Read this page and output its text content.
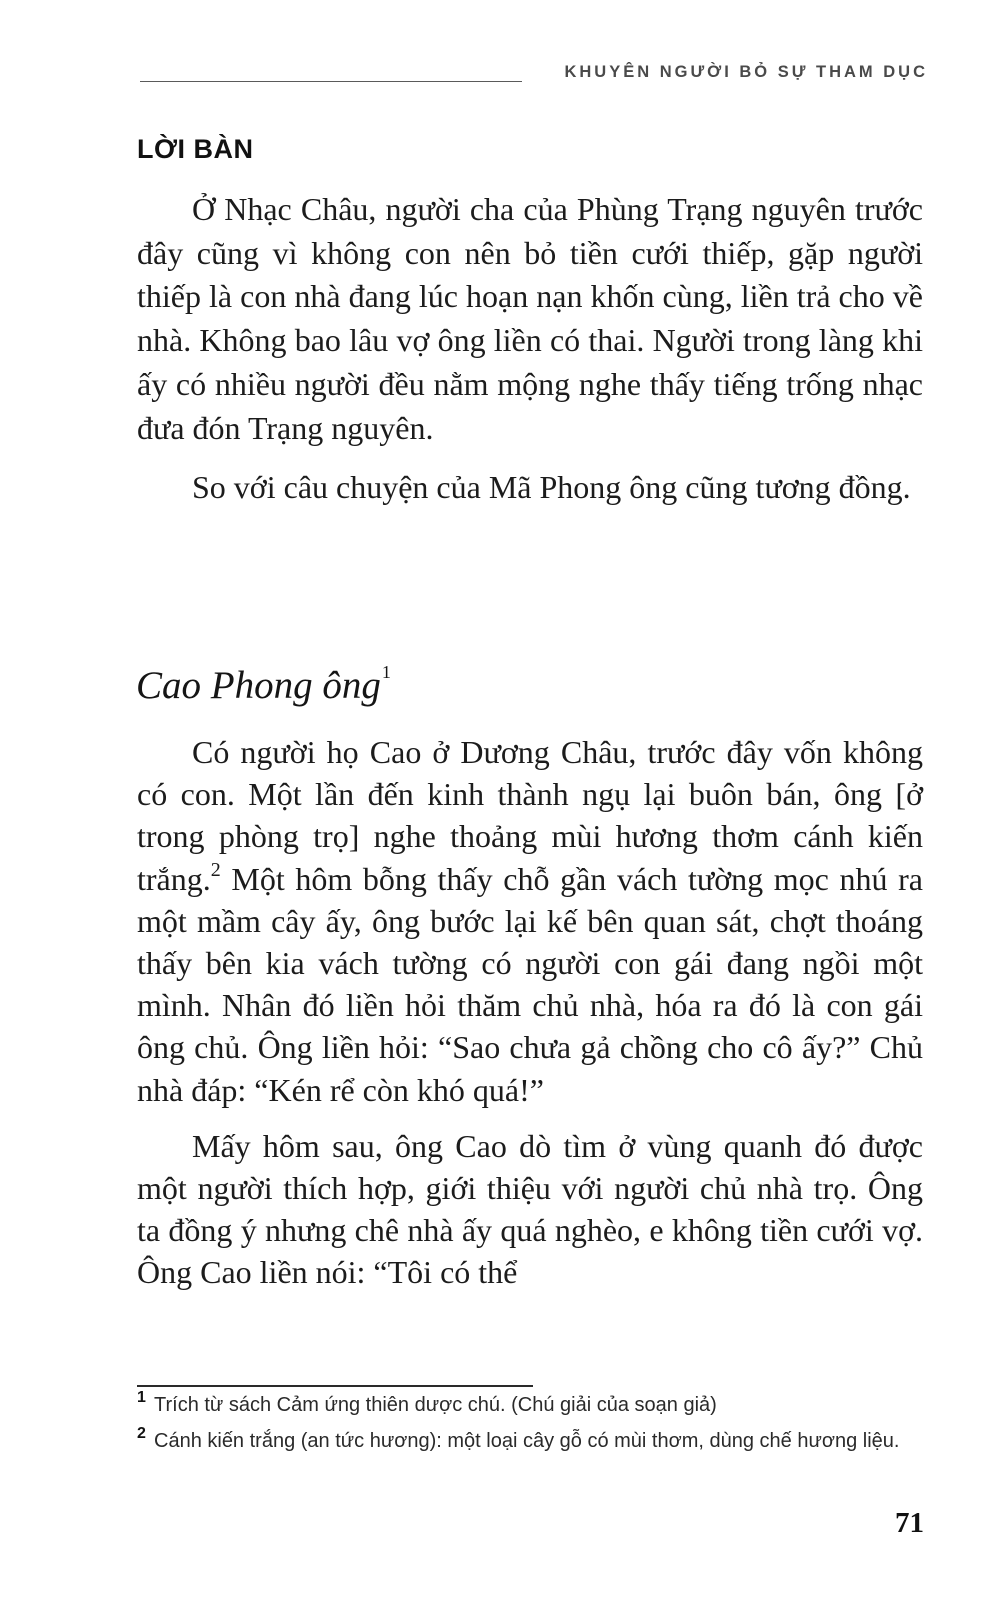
KHUYÊN NGƯỜI BỎ SỰ THAM DỤC
LỜI BÀN

Ở Nhạc Châu, người cha của Phùng Trạng nguyên trước đây cũng vì không con nên bỏ tiền cưới thiếp, gặp người thiếp là con nhà đang lúc hoạn nạn khốn cùng, liền trả cho về nhà. Không bao lâu vợ ông liền có thai. Người trong làng khi ấy có nhiều người đều nằm mộng nghe thấy tiếng trống nhạc đưa đón Trạng nguyên.

So với câu chuyện của Mã Phong ông cũng tương đồng.

Cao Phong ông$^1$

Có người họ Cao ở Dương Châu, trước đây vốn không có con. Một lần đến kinh thành ngụ lại buôn bán, ông [ở trong phòng trọ] nghe thoảng mùi hương thơm cánh kiến trắng.$^2$ Một hôm bỗng thấy chỗ gần vách tường mọc nhú ra một mầm cây ấy, ông bước lại kế bên quan sát, chợt thoáng thấy bên kia vách tường có người con gái đang ngồi một mình. Nhân đó liền hỏi thăm chủ nhà, hóa ra đó là con gái ông chủ. Ông liền hỏi: “Sao chưa gả chồng cho cô ấy?” Chủ nhà đáp: “Kén rể còn khó quá!”

Mấy hôm sau, ông Cao dò tìm ở vùng quanh đó được một người thích hợp, giới thiệu với người chủ nhà trọ. Ông ta đồng ý nhưng chê nhà ấy quá nghèo, e không tiền cưới vợ. Ông Cao liền nói: “Tôi có thể

1 Trích từ sách Cảm ứng thiên dược chú. (Chú giải của soạn giả)
2 Cánh kiến trắng (an tức hương): một loại cây gỗ có mùi thơm, dùng chế hương liệu.
71
